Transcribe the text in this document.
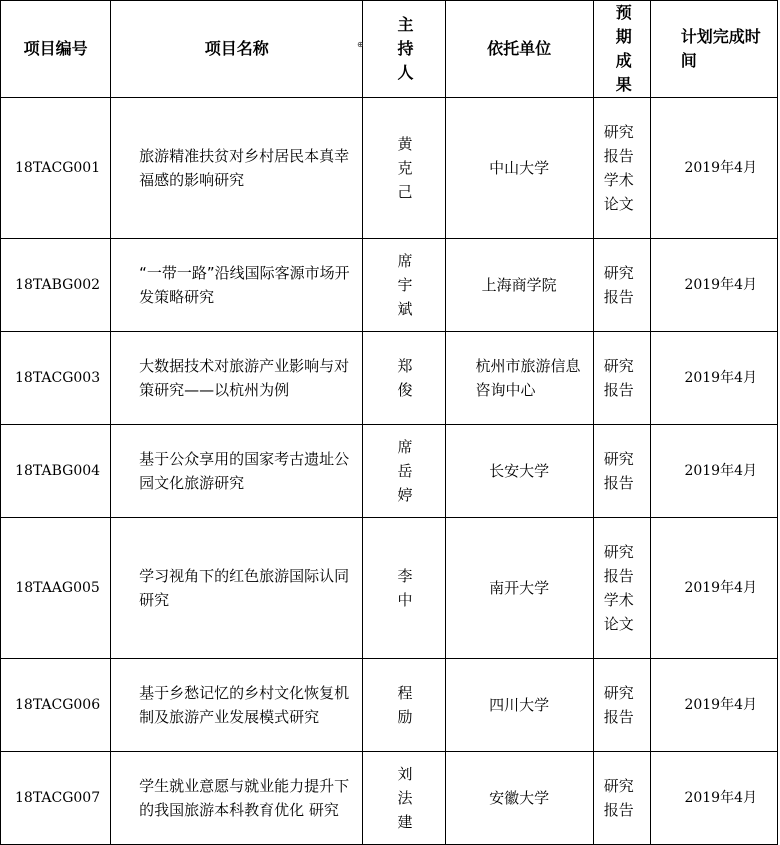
项目编号	项目名称	主持人	依托单位	预期成果	计划完成时间
18TACG001	旅游精准扶贫对乡村居民本真幸福感的影响研究	黄克己	中山大学	研究报告学术论文	2019年4月
18TABG002	“一带一路”沿线国际客源市场开发策略研究	席宇斌	上海商学院	研究报告	2019年4月
18TACG003	大数据技术对旅游产业影响与对策研究——以杭州为例	郑俊	杭州市旅游信息咨询中心	研究报告	2019年4月
18TABG004	基于公众享用的国家考古遗址公园文化旅游研究	席岳婷	长安大学	研究报告	2019年4月
18TAAG005	学习视角下的红色旅游国际认同研究	李中	南开大学	研究报告学术论文	2019年4月
18TACG006	基于乡愁记忆的乡村文化恢复机制及旅游产业发展模式研究	程励	四川大学	研究报告	2019年4月
18TACG007	学生就业意愿与就业能力提升下的我国旅游本科教育优化 研究	刘法建	安徽大学	研究报告	2019年4月
⊕
